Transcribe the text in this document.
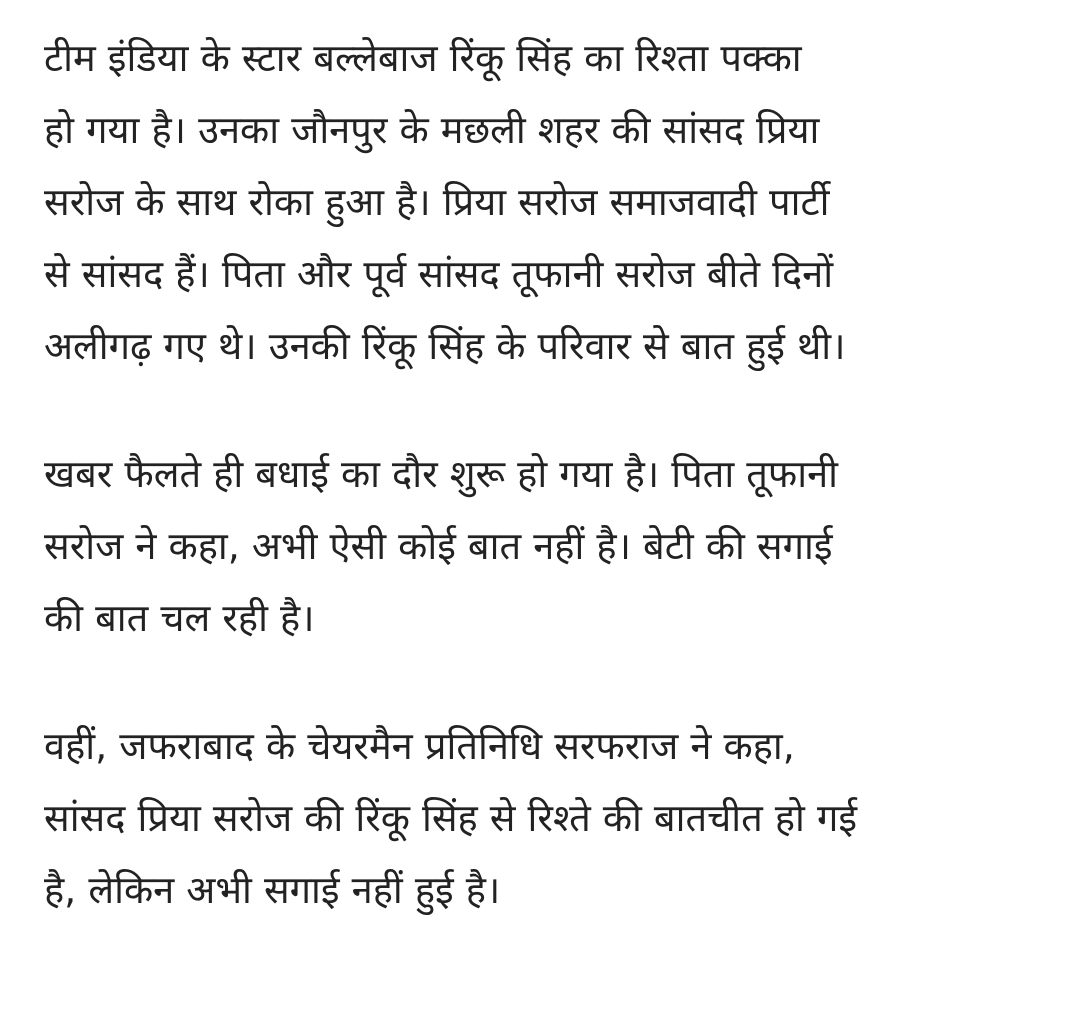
टीम इंडिया के स्टार बल्लेबाज रिंकू सिंह का रिश्ता पक्का
हो गया है। उनका जौनपुर के मछली शहर की सांसद प्रिया
सरोज के साथ रोका हुआ है। प्रिया सरोज समाजवादी पार्टी
से सांसद हैं। पिता और पूर्व सांसद तूफानी सरोज बीते दिनों
अलीगढ़ गए थे। उनकी रिंकू सिंह के परिवार से बात हुई थी।

खबर फैलते ही बधाई का दौर शुरू हो गया है। पिता तूफानी
सरोज ने कहा, अभी ऐसी कोई बात नहीं है। बेटी की सगाई
की बात चल रही है।

वहीं, जफराबाद के चेयरमैन प्रतिनिधि सरफराज ने कहा,
सांसद प्रिया सरोज की रिंकू सिंह से रिश्ते की बातचीत हो गई
है, लेकिन अभी सगाई नहीं हुई है।
